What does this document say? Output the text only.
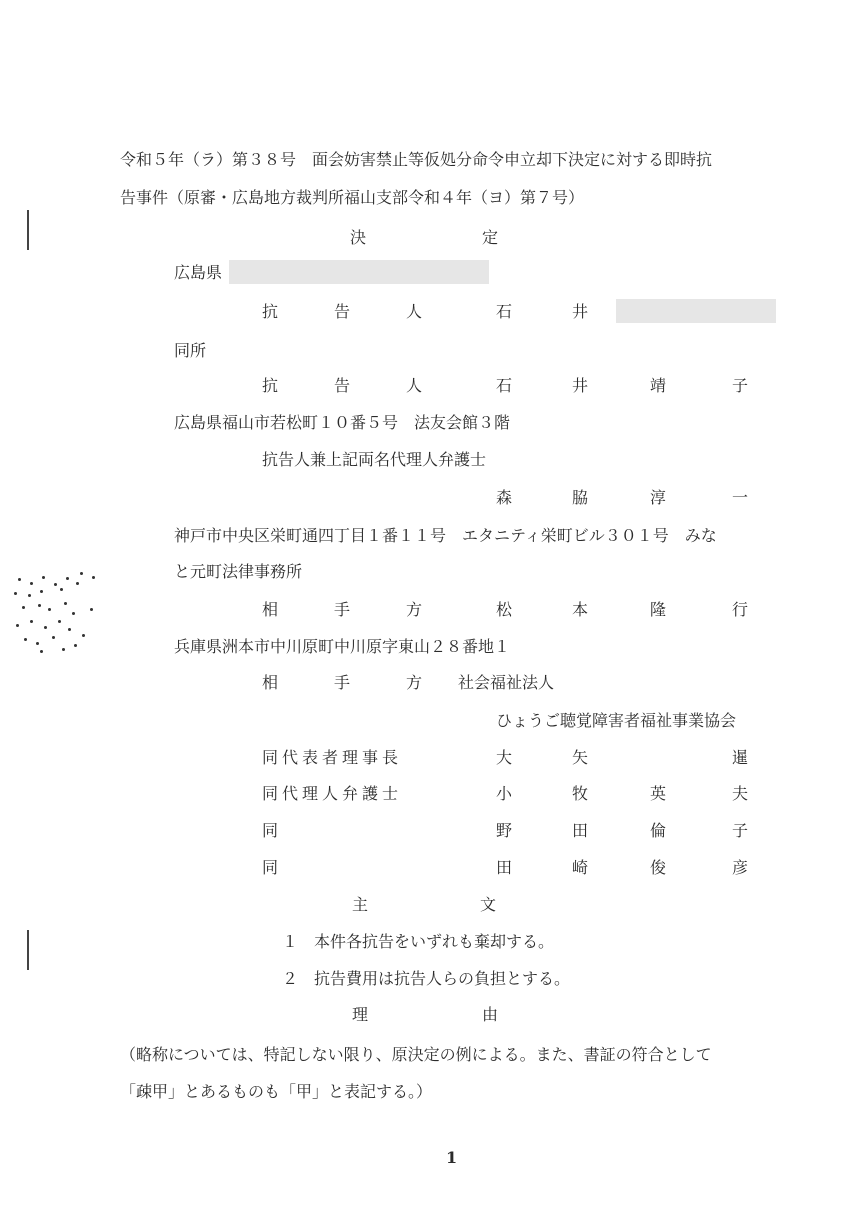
令和５年（ラ）第３８号　面会妨害禁止等仮処分命令申立却下決定に対する即時抗
告事件（原審・広島地方裁判所福山支部令和４年（ヨ）第７号）
決	定
広島県
抗	告	人	石	井
同所
抗	告	人	石	井	靖	子
広島県福山市若松町１０番５号　法友会館３階
抗告人兼上記両名代理人弁護士
森	脇	淳	一
神戸市中央区栄町通四丁目１番１１号　エタニティ栄町ビル３０１号　みな
と元町法律事務所
相	手	方	松	本	隆	行
兵庫県洲本市中川原町中川原字東山２８番地１
相	手	方 社会福祉法人
ひょうご聴覚障害者福祉事業協会
同代表者理事長	大	矢	暹
同代理人弁護士	小	牧	英	夫
同	野	田	倫	子
同	田	崎	俊	彦
主	文
１　本件各抗告をいずれも棄却する。
２　抗告費用は抗告人らの負担とする。
理	由
（略称については、特記しない限り、原決定の例による。また、書証の符合として
「疎甲」とあるものも「甲」と表記する。）
1
